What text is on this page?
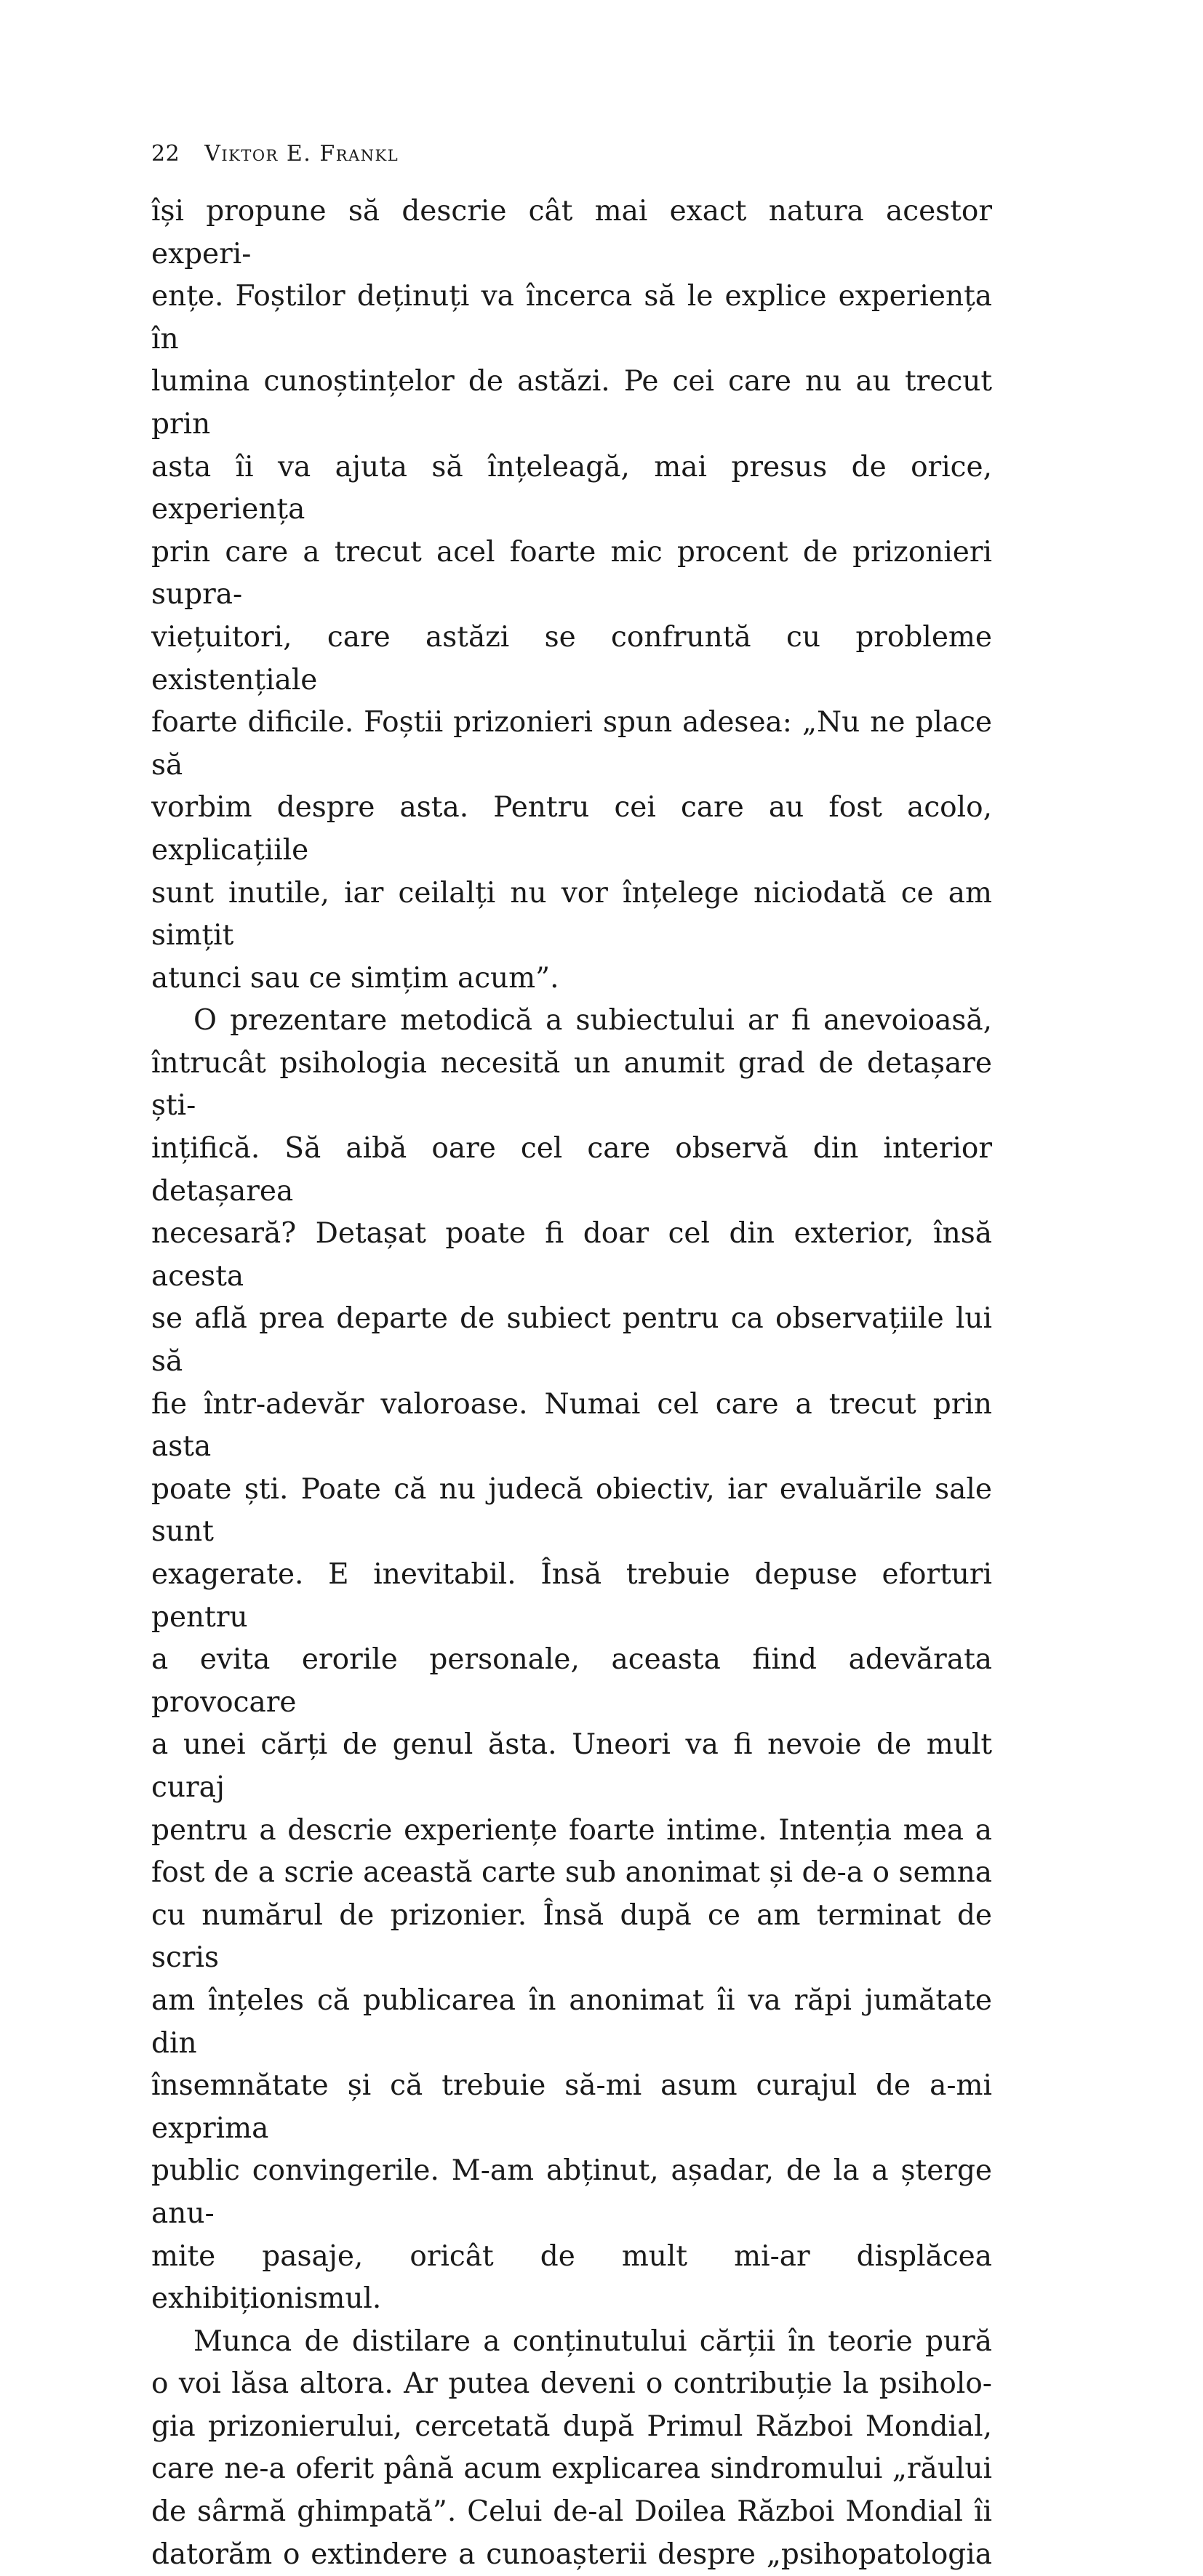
22 Viktor E. Frankl

își propune să descrie cât mai exact natura acestor experi-

ențe. Foștilor deținuți va încerca să le explice experiența în

lumina cunoștințelor de astăzi. Pe cei care nu au trecut prin

asta îi va ajuta să înțeleagă, mai presus de orice, experiența

prin care a trecut acel foarte mic procent de prizonieri supra-

viețuitori, care astăzi se confruntă cu probleme existențiale

foarte dificile. Foștii prizonieri spun adesea: „Nu ne place să

vorbim despre asta. Pentru cei care au fost acolo, explicațiile

sunt inutile, iar ceilalți nu vor înțelege niciodată ce am simțit

atunci sau ce simțim acum”.

O prezentare metodică a subiectului ar fi anevoioasă,

întrucât psihologia necesită un anumit grad de detașare ști-

ințifică. Să aibă oare cel care observă din interior detașarea

necesară? Detașat poate fi doar cel din exterior, însă acesta

se află prea departe de subiect pentru ca observațiile lui să

fie într-adevăr valoroase. Numai cel care a trecut prin asta

poate ști. Poate că nu judecă obiectiv, iar evaluările sale sunt

exagerate. E inevitabil. Însă trebuie depuse eforturi pentru

a evita erorile personale, aceasta fiind adevărata provocare

a unei cărți de genul ăsta. Uneori va fi nevoie de mult curaj

pentru a descrie experiențe foarte intime. Intenția mea a

fost de a scrie această carte sub anonimat și de-a o semna

cu numărul de prizonier. Însă după ce am terminat de scris

am înțeles că publicarea în anonimat îi va răpi jumătate din

însemnătate și că trebuie să-mi asum curajul de a-mi exprima

public convingerile. M-am abținut, așadar, de la a șterge anu-

mite pasaje, oricât de mult mi-ar displăcea exhibiționismul.

Munca de distilare a conținutului cărții în teorie pură

o voi lăsa altora. Ar putea deveni o contribuție la psiholo-

gia prizonierului, cercetată după Primul Război Mondial,

care ne-a oferit până acum explicarea sindromului „răului

de sârmă ghimpată”. Celui de-al Doilea Război Mondial îi

datorăm o extindere a cunoașterii despre „psihopatologia
